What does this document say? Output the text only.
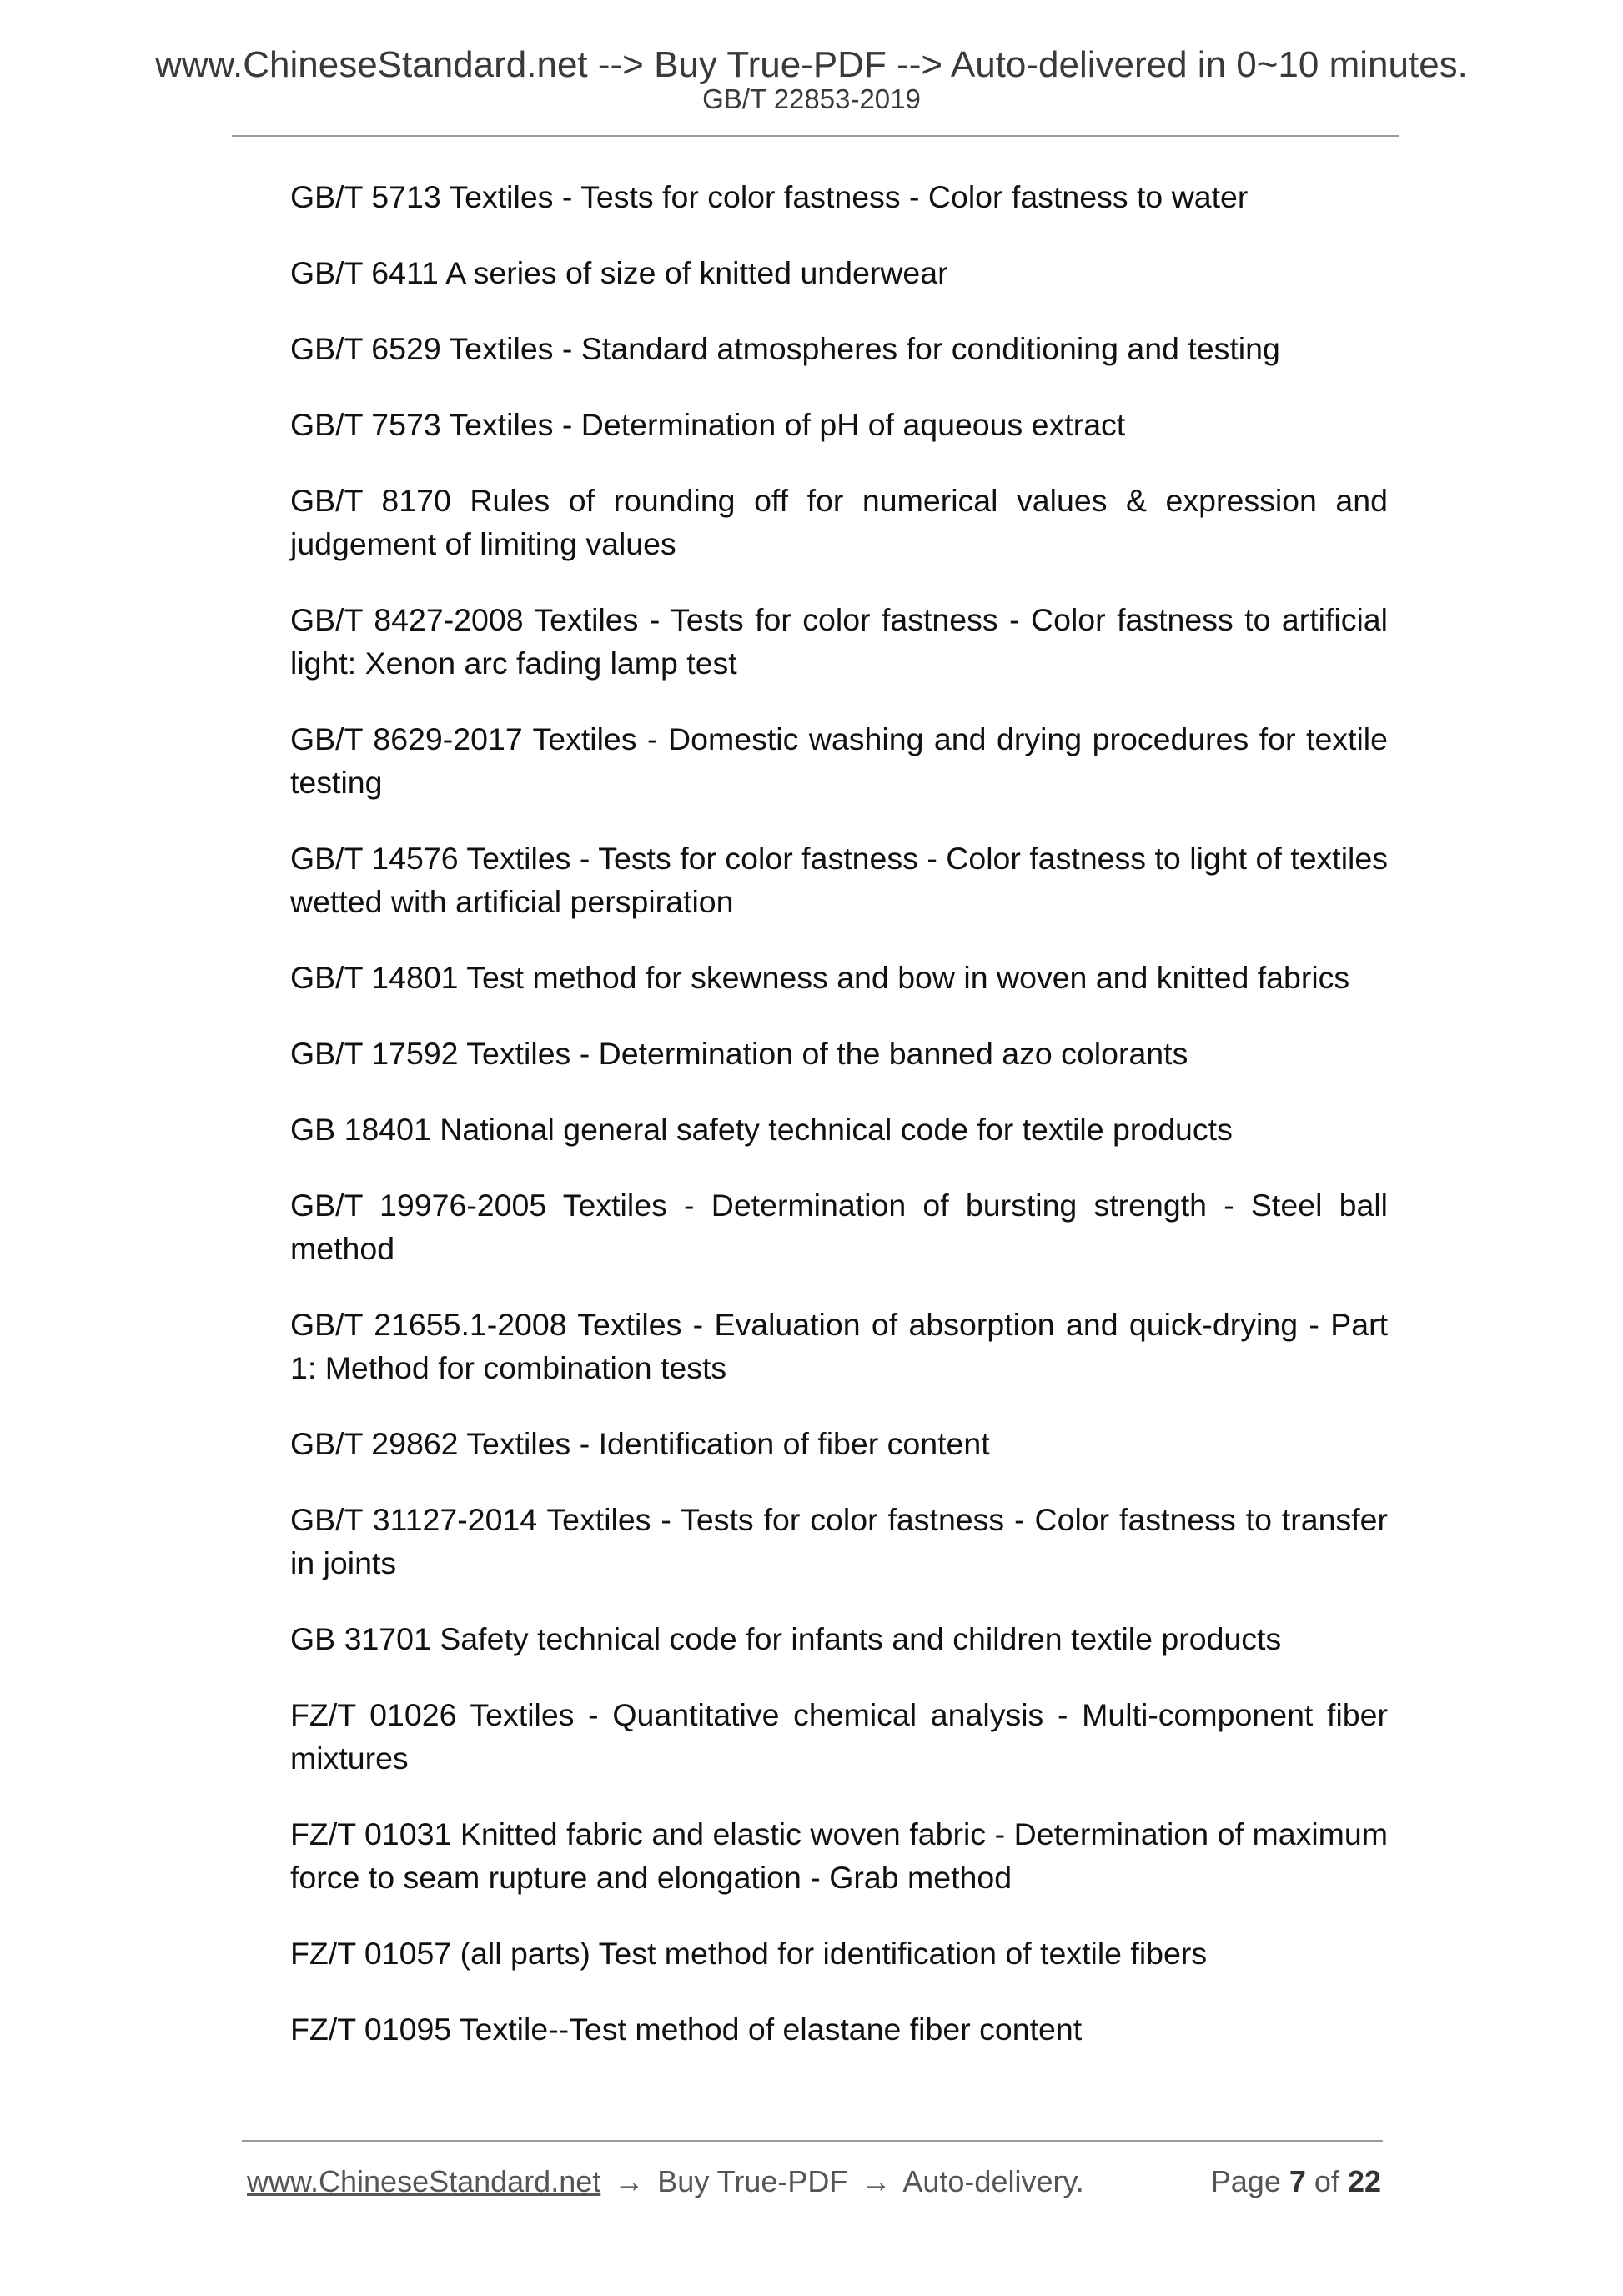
www.ChineseStandard.net --> Buy True-PDF --> Auto-delivered in 0~10 minutes.
GB/T 22853-2019
GB/T 5713 Textiles - Tests for color fastness - Color fastness to water
GB/T 6411 A series of size of knitted underwear
GB/T 6529 Textiles - Standard atmospheres for conditioning and testing
GB/T 7573 Textiles - Determination of pH of aqueous extract
GB/T 8170 Rules of rounding off for numerical values & expression and judgement of limiting values
GB/T 8427-2008 Textiles - Tests for color fastness - Color fastness to artificial light: Xenon arc fading lamp test
GB/T 8629-2017 Textiles - Domestic washing and drying procedures for textile testing
GB/T 14576 Textiles - Tests for color fastness - Color fastness to light of textiles wetted with artificial perspiration
GB/T 14801 Test method for skewness and bow in woven and knitted fabrics
GB/T 17592 Textiles - Determination of the banned azo colorants
GB 18401 National general safety technical code for textile products
GB/T 19976-2005 Textiles - Determination of bursting strength - Steel ball method
GB/T 21655.1-2008 Textiles - Evaluation of absorption and quick-drying - Part 1: Method for combination tests
GB/T 29862 Textiles - Identification of fiber content
GB/T 31127-2014 Textiles - Tests for color fastness - Color fastness to transfer in joints
GB 31701 Safety technical code for infants and children textile products
FZ/T 01026 Textiles - Quantitative chemical analysis - Multi-component fiber mixtures
FZ/T 01031 Knitted fabric and elastic woven fabric - Determination of maximum force to seam rupture and elongation - Grab method
FZ/T 01057 (all parts) Test method for identification of textile fibers
FZ/T 01095 Textile--Test method of elastane fiber content
www.ChineseStandard.net → Buy True-PDF → Auto-delivery.	Page 7 of 22
